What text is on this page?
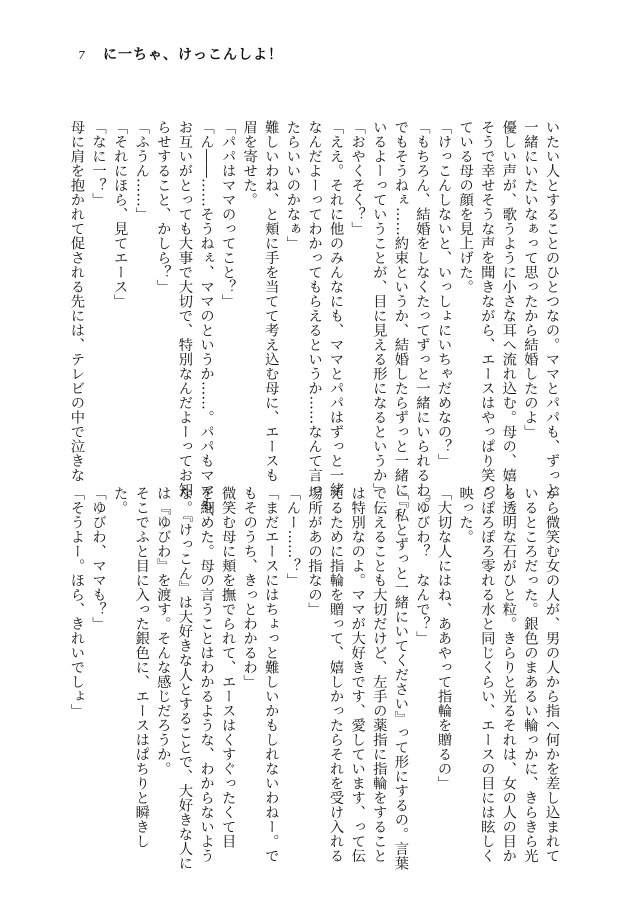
7 に一ちゃ、けっこんしよ！
いたい人とすることのひとつなの。ママとパパも、ずっと
一緒にいたいなぁって思ったから結婚したのよ」
優しい声が、歌うように小さな耳へ流れ込む。母の、嬉し
そうで幸せそうな声を聞きながら、エースはやっぱり笑っ
ている母の顔を見上げた。
「けっこんしないと、いっしょにいちゃだめなの？」
「もちろん、結婚をしなくたってずっと一緒にいられるわ。
でもそうねぇ……約束というか、結婚したらずっと一緒に
いるよーっていうことが、目に見える形になるというか」
「おやくそく？」
「ええ。それに他のみんなにも、ママとパパはずっと一緒
なんだよーってわかってもらえるというか……なんて言っ
たらいいのかなぁ」
難しいわね、と頬に手を当てて考え込む母に、エースも
眉を寄せた。
「パパはママのってこと？」
「ん――……そうねぇ、ママのというか……。パパもママも、
お互いがとっても大事で大切で、特別なんだよーってお知
らせすること、かしら？」
「ふうん……」
「それにほら、見てエース」
「なに一？」
母に肩を抱かれて促される先には、テレビの中で泣きな
がら微笑む女の人が、男の人から指へ何かを差し込まれて
いるところだった。銀色のまあるい輪っかに、きらきら光
る透明な石がひと粒。きらりと光るそれは、女の人の目か
らぽろぽろ零れる水と同じくらい、エースの目には眩しく
映った。
「大切な人にはね、ああやって指輪を贈るの」
「ゆびわ？　なんで？」
「『私とずっと一緒にいてください』って形にするの。言葉
で伝えることも大切だけど、左手の薬指に指輪をすること
は特別なのよ。ママが大好きです、愛しています、って伝
えるために指輪を贈って、嬉しかったらそれを受け入れる
場所があの指なの」
「んー……？」
「まだエースにはちょっと難しいかもしれないわねー。で
もそのうち、きっとわかるわ」
微笑む母に頬を撫でられて、エースはくすぐったくて目
を細めた。母の言うことはわかるような、わからないよう
な。『けっこん』は大好きな人とすることで、大好きな人に
は『ゆびわ』を渡す。そんな感じだろうか。
そこでふと目に入った銀色に、エースはぱちりと瞬きし
た。
「ゆびわ、ママも？」
「そうよー。ほら、きれいでしょ」
